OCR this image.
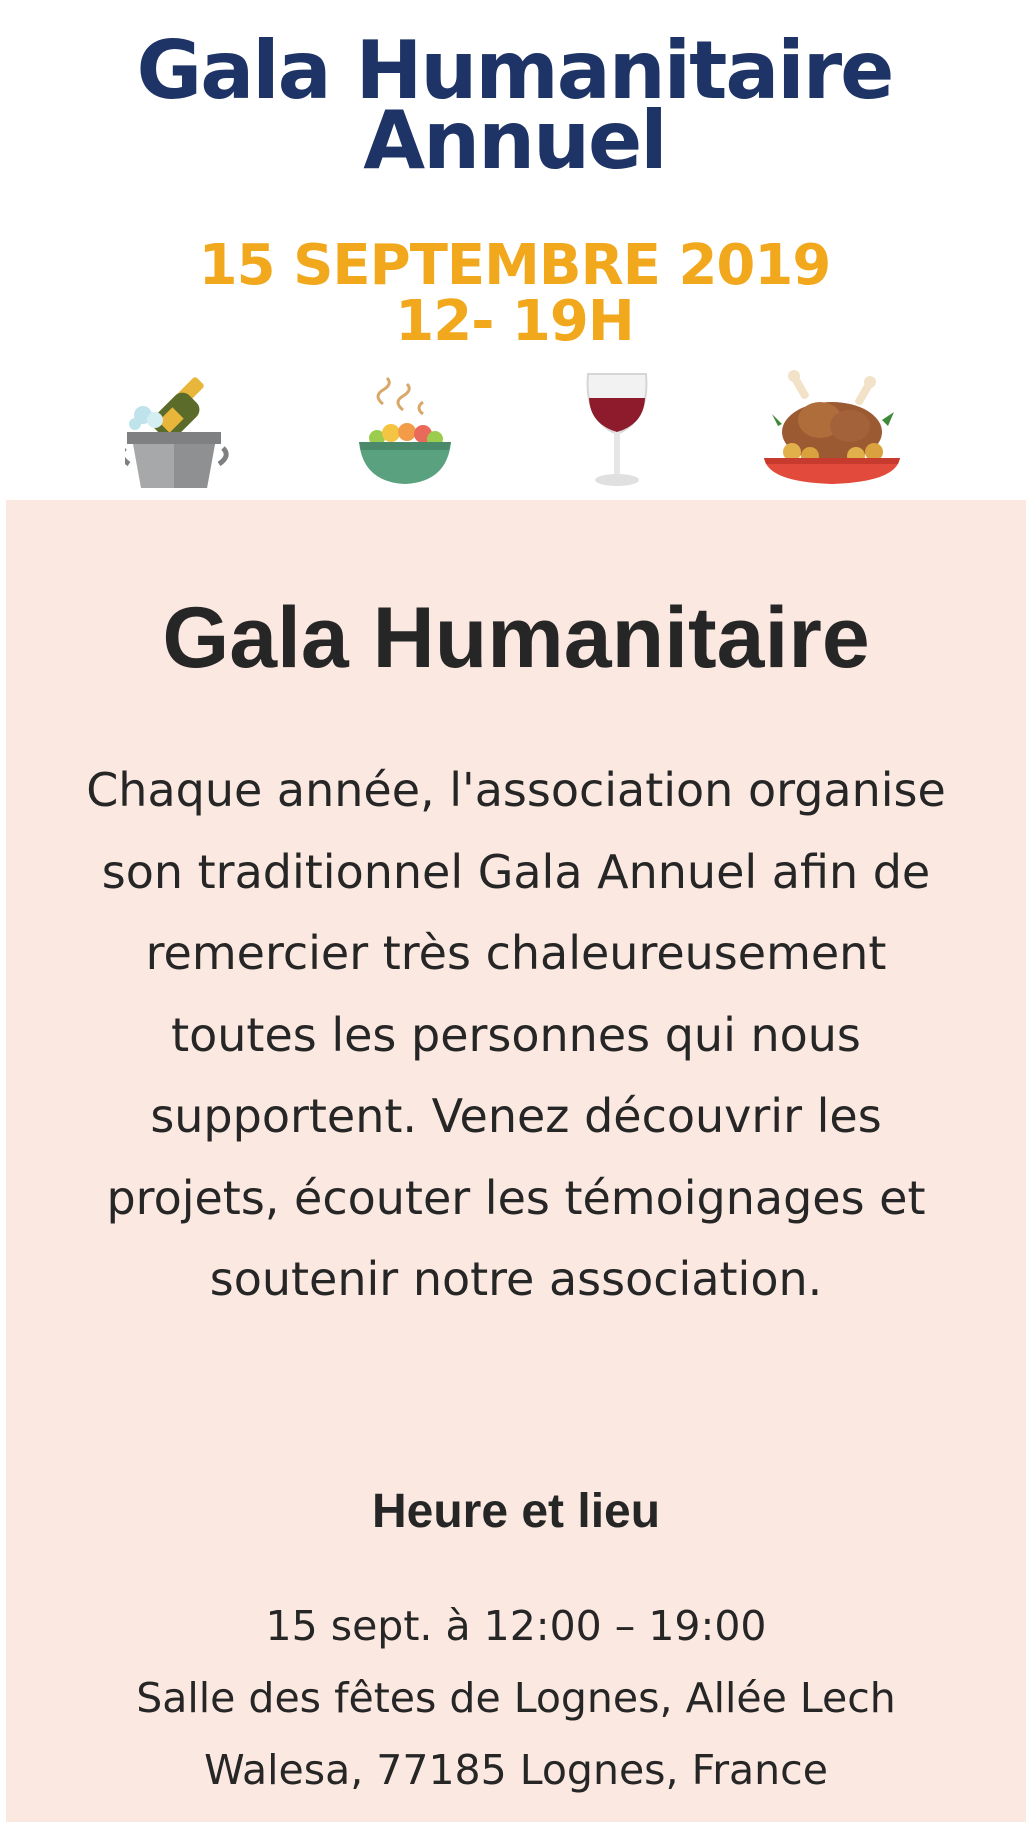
Gala Humanitaire
Annuel
15 SEPTEMBRE 2019
12- 19H
Gala Humanitaire
Chaque année, l'association organise son traditionnel Gala Annuel afin de remercier très chaleureusement toutes les personnes qui nous supportent. Venez découvrir les projets, écouter les témoignages et soutenir notre association.
Heure et lieu
15 sept. à 12:00 – 19:00
Salle des fêtes de Lognes, Allée Lech
Walesa, 77185 Lognes, France
